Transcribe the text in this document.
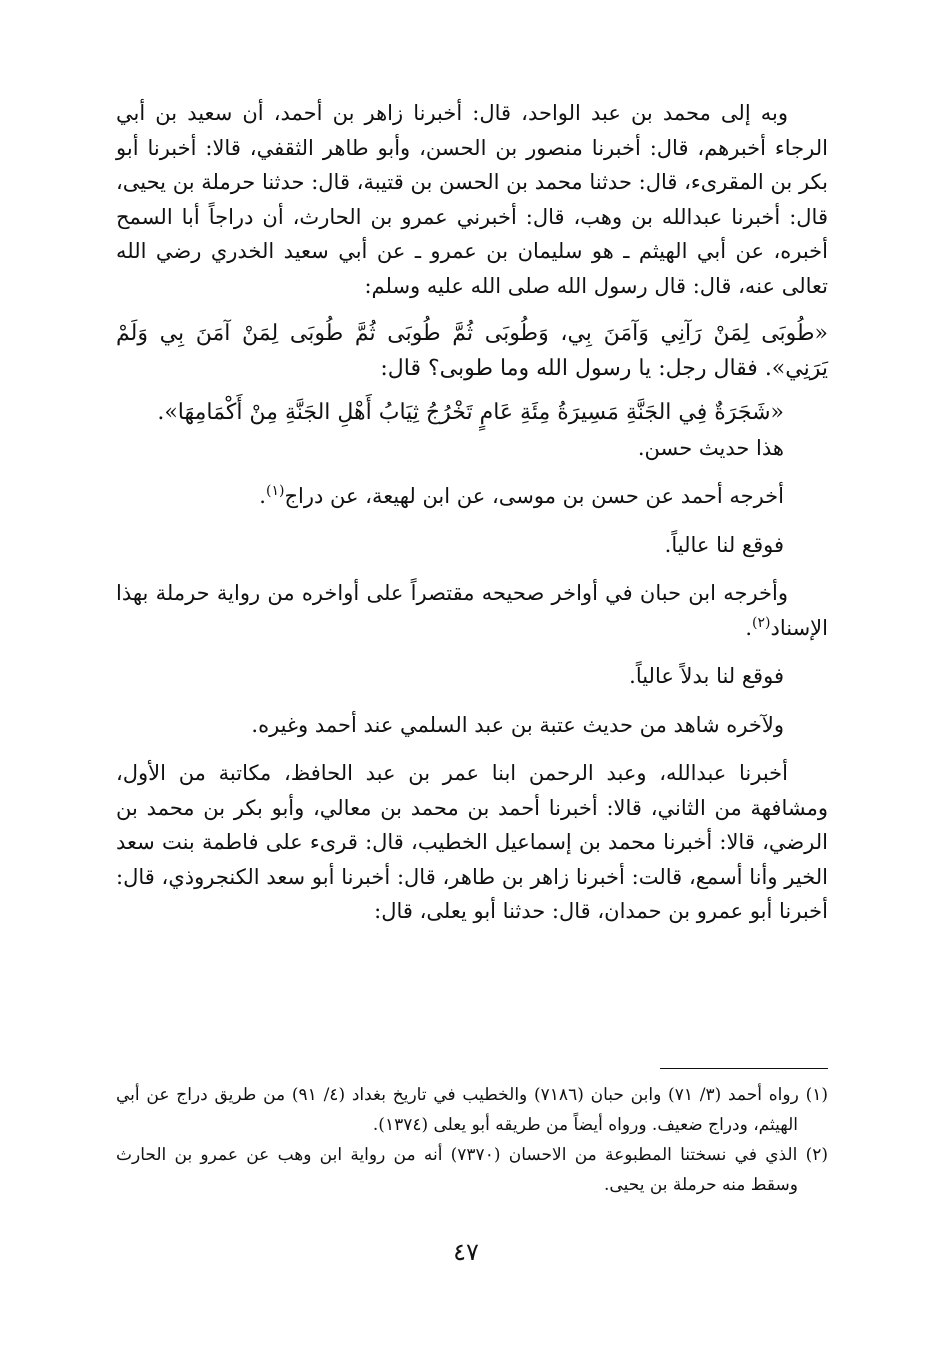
وبه إلى محمد بن عبد الواحد، قال: أخبرنا زاهر بن أحمد، أن سعيد بن أبي الرجاء أخبرهم، قال: أخبرنا منصور بن الحسن، وأبو طاهر الثقفي، قالا: أخبرنا أبو بكر بن المقرىء، قال: حدثنا محمد بن الحسن بن قتيبة، قال: حدثنا حرملة بن يحيى، قال: أخبرنا عبدالله بن وهب، قال: أخبرني عمرو بن الحارث، أن دراجاً أبا السمح أخبره، عن أبي الهيثم ـ هو سليمان بن عمرو ـ عن أبي سعيد الخدري رضي الله تعالى عنه، قال: قال رسول الله صلى الله عليه وسلم:

«طُوبَى لِمَنْ رَآنِي وَآمَنَ بِي، وَطُوبَى ثُمَّ طُوبَى ثُمَّ طُوبَى لِمَنْ آمَنَ بِي وَلَمْ يَرَنِي». فقال رجل: يا رسول الله وما طوبى؟ قال:

«شَجَرَةٌ فِي الجَنَّةِ مَسِيرَةُ مِئَةِ عَامٍ تَخْرُجُ ثِيَابُ أَهْلِ الجَنَّةِ مِنْ أَكْمَامِهَا».

هذا حديث حسن.

أخرجه أحمد عن حسن بن موسى، عن ابن لهيعة، عن دراج$^{(١)}$.

فوقع لنا عالياً.

وأخرجه ابن حبان في أواخر صحيحه مقتصراً على أواخره من رواية حرملة بهذا الإسناد$^{(٢)}$.

فوقع لنا بدلاً عالياً.

ولآخره شاهد من حديث عتبة بن عبد السلمي عند أحمد وغيره.

أخبرنا عبدالله، وعبد الرحمن ابنا عمر بن عبد الحافظ، مكاتبة من الأول، ومشافهة من الثاني، قالا: أخبرنا أحمد بن محمد بن معالي، وأبو بكر بن محمد بن الرضي، قالا: أخبرنا محمد بن إسماعيل الخطيب، قال: قرىء على فاطمة بنت سعد الخير وأنا أسمع، قالت: أخبرنا زاهر بن طاهر، قال: أخبرنا أبو سعد الكنجروذي، قال: أخبرنا أبو عمرو بن حمدان، قال: حدثنا أبو يعلى، قال:

(١) رواه أحمد (٣/ ٧١) وابن حبان (٧١٨٦) والخطيب في تاريخ بغداد (٤/ ٩١) من طريق دراج عن أبي الهيثم، ودراج ضعيف. ورواه أيضاً من طريقه أبو يعلى (١٣٧٤).

(٢) الذي في نسختنا المطبوعة من الاحسان (٧٣٧٠) أنه من رواية ابن وهب عن عمرو بن الحارث وسقط منه حرملة بن يحيى.

٤٧
